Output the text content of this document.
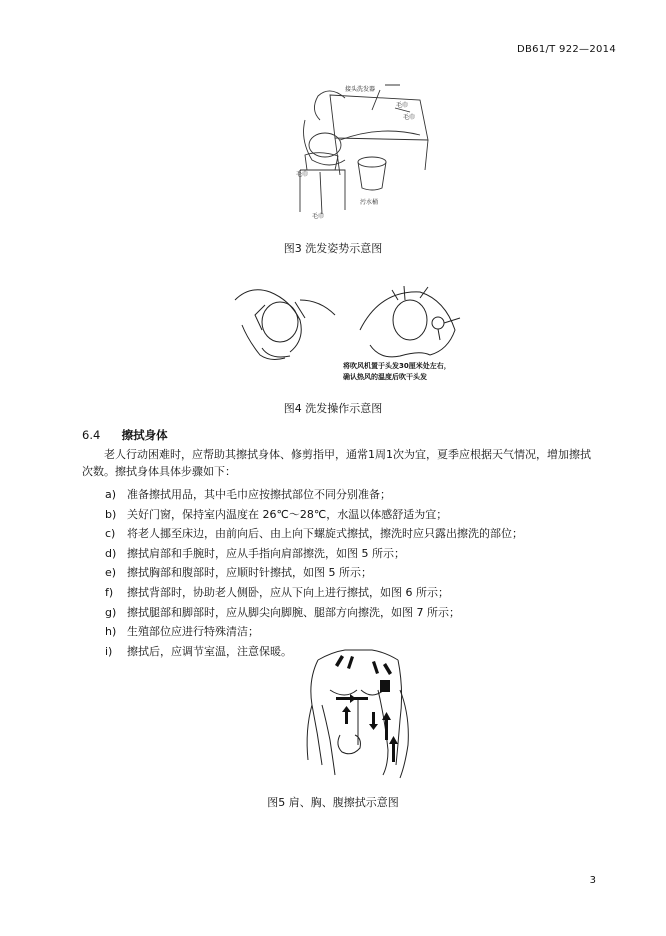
DB61/T 922—2014
接头洗发器
毛巾
毛巾
毛巾
毛巾
污水桶
图3 洗发姿势示意图
将吹风机置于头发30厘米处左右，
确认热风的温度后吹干头发
图4 洗发操作示意图
6.4 擦拭身体
老人行动困难时，应帮助其擦拭身体、修剪指甲，通常1周1次为宜，夏季应根据天气情况，增加擦拭次数。擦拭身体具体步骤如下：
a) 准备擦拭用品，其中毛巾应按擦拭部位不同分别准备；
b) 关好门窗，保持室内温度在 26℃～28℃，水温以体感舒适为宜；
c) 将老人挪至床边，由前向后、由上向下螺旋式擦拭，擦洗时应只露出擦洗的部位；
d) 擦拭肩部和手腕时，应从手指向肩部擦洗，如图 5 所示；
e) 擦拭胸部和腹部时，应顺时针擦拭，如图 5 所示；
f) 擦拭背部时，协助老人侧卧，应从下向上进行擦拭，如图 6 所示；
g) 擦拭腿部和脚部时，应从脚尖向脚腕、腿部方向擦洗，如图 7 所示；
h) 生殖部位应进行特殊清洁；
i) 擦拭后，应调节室温，注意保暖。
图5 肩、胸、腹擦拭示意图
3
